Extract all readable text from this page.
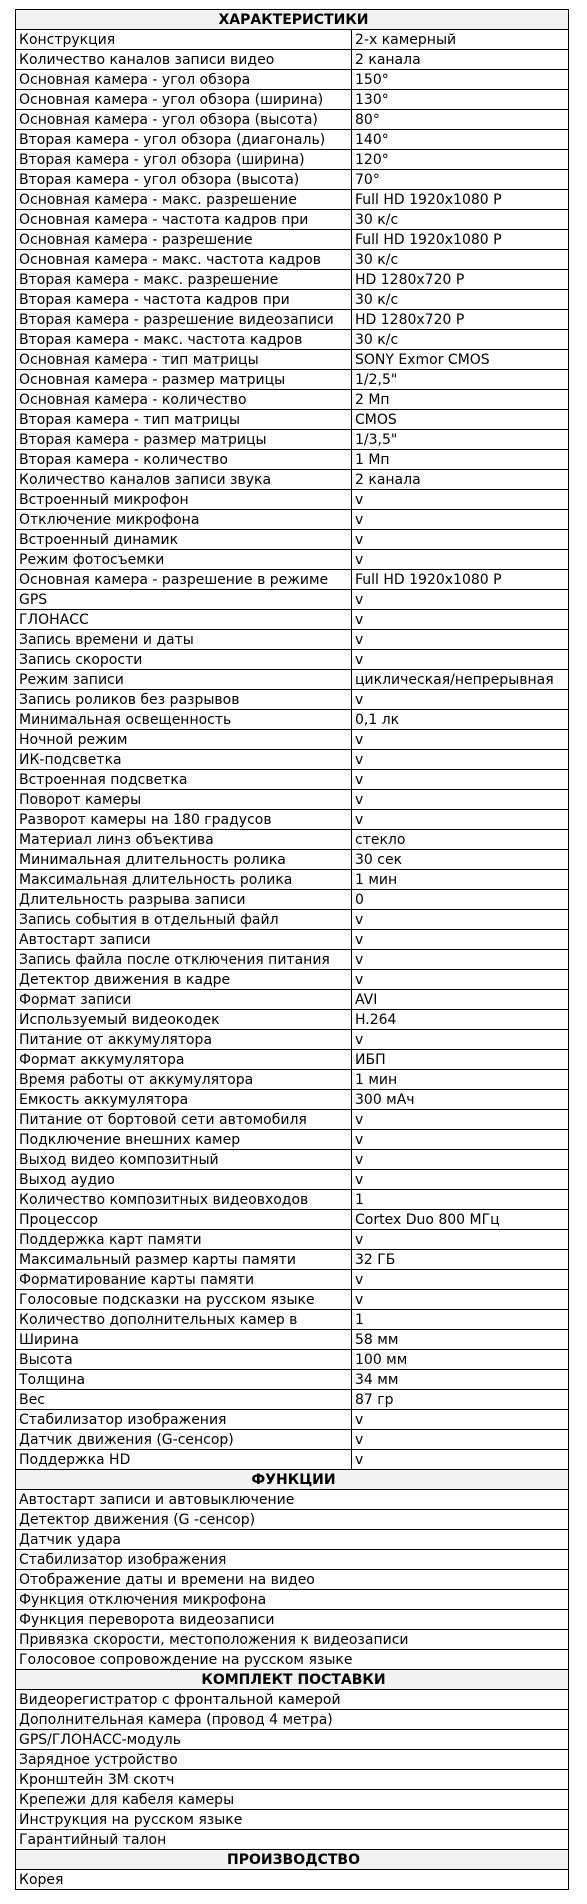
ХАРАКТЕРИСТИКИ	
Конструкция	2-х камерный
Количество каналов записи видео	2 канала
Основная камера - угол обзора	150°
Основная камера - угол обзора (ширина)	130°
Основная камера - угол обзора (высота)	80°
Вторая камера - угол обзора (диагональ)	140°
Вторая камера - угол обзора (ширина)	120°
Вторая камера - угол обзора (высота)	70°
Основная камера - макс. разрешение	Full HD 1920x1080 P
Основная камера - частота кадров при	30 к/с
Основная камера - разрешение	Full HD 1920x1080 P
Основная камера - макс. частота кадров	30 к/с
Вторая камера - макс. разрешение	HD 1280x720 P
Вторая камера - частота кадров при	30 к/с
Вторая камера - разрешение видеозаписи	HD 1280x720 P
Вторая камера - макс. частота кадров	30 к/с
Основная камера - тип матрицы	SONY Exmor CMOS
Основная камера - размер матрицы	1/2,5"
Основная камера - количество	2 Мп
Вторая камера - тип матрицы	CMOS
Вторая камера - размер матрицы	1/3,5"
Вторая камера - количество	1 Мп
Количество каналов записи звука	2 канала
Встроенный микрофон	v
Отключение микрофона	v
Встроенный динамик	v
Режим фотосъемки	v
Основная камера - разрешение в режиме	Full HD 1920x1080 P
GPS	v
ГЛОНАСС	v
Запись времени и даты	v
Запись скорости	v
Режим записи	циклическая/непрерывная
Запись роликов без разрывов	v
Минимальная освещенность	0,1 лк
Ночной режим	v
ИК-подсветка	v
Встроенная подсветка	v
Поворот камеры	v
Разворот камеры на 180 градусов	v
Материал линз объектива	стекло
Минимальная длительность ролика	30 сек
Максимальная длительность ролика	1 мин
Длительность разрыва записи	0
Запись события в отдельный файл	v
Автостарт записи	v
Запись файла после отключения питания	v
Детектор движения в кадре	v
Формат записи	AVI
Используемый видеокодек	H.264
Питание от аккумулятора	v
Формат аккумулятора	ИБП
Время работы от аккумулятора	1 мин
Емкость аккумулятора	300 мАч
Питание от бортовой сети автомобиля	v
Подключение внешних камер	v
Выход видео композитный	v
Выход аудио	v
Количество композитных видеовходов	1
Процессор	Cortex Duo 800 МГц
Поддержка карт памяти	v
Максимальный размер карты памяти	32 ГБ
Форматирование карты памяти	v
Голосовые подсказки на русском языке	v
Количество дополнительных камер в	1
Ширина	58 мм
Высота	100 мм
Толщина	34 мм
Вес	87 гр
Стабилизатор изображения	v
Датчик движения (G-сенсор)	v
Поддержка HD	v
ФУНКЦИИ	
Автостарт записи и автовыключение	
Детектор движения (G -сенсор)	
Датчик удара	
Стабилизатор изображения	
Отображение даты и времени на видео	
Функция отключения микрофона	
Функция переворота видеозаписи	
Привязка скорости, местоположения к видеозаписи	
Голосовое сопровождение на русском языке	
КОМПЛЕКТ ПОСТАВКИ	
Видеорегистратор с фронтальной камерой	
Дополнительная камера (провод 4 метра)	
GPS/ГЛОНАСС-модуль	
Зарядное устройство	
Кронштейн 3М скотч	
Крепежи для кабеля камеры	
Инструкция на русском языке	
Гарантийный талон	
ПРОИЗВОДСТВО	
Корея	
